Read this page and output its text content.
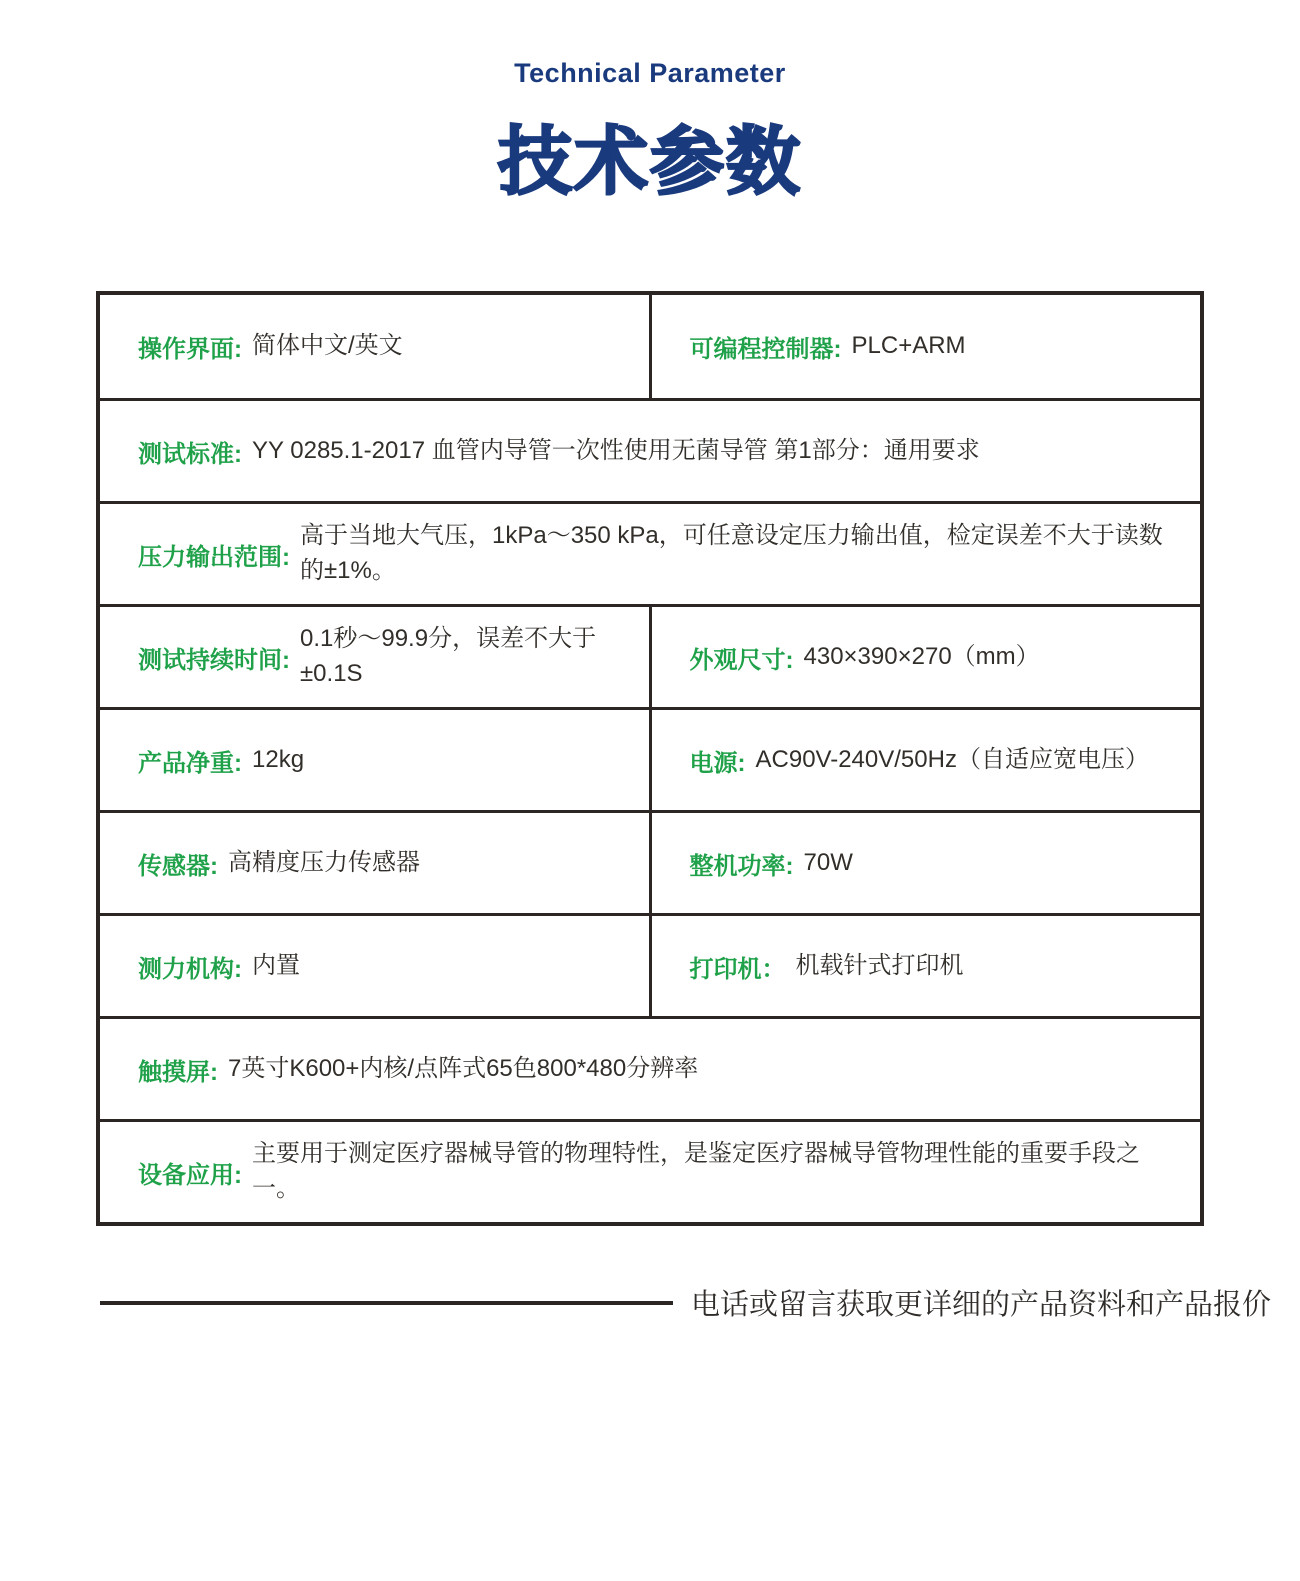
Technical Parameter
技术参数
操作界面: 简体中文/英文	可编程控制器: PLC+ARM
测试标准: YY 0285.1-2017 血管内导管一次性使用无菌导管 第1部分：通用要求
压力输出范围:
高于当地大气压，1kPa～350 kPa，可任意设定压力输出值，检定误差不大于读数的±1%。
测试持续时间:
0.1秒～99.9分，误差不大于±0.1S	外观尺寸: 430×390×270（mm）
产品净重: 12kg	电源: AC90V-240V/50Hz（自适应宽电压）
传感器: 高精度压力传感器	整机功率: 70W
测力机构: 内置	打印机： 机载针式打印机
触摸屏: 7英寸K600+内核/点阵式65色800*480分辨率
设备应用:
主要用于测定医疗器械导管的物理特性，是鉴定医疗器械导管物理性能的重要手段之一。
电话或留言获取更详细的产品资料和产品报价
